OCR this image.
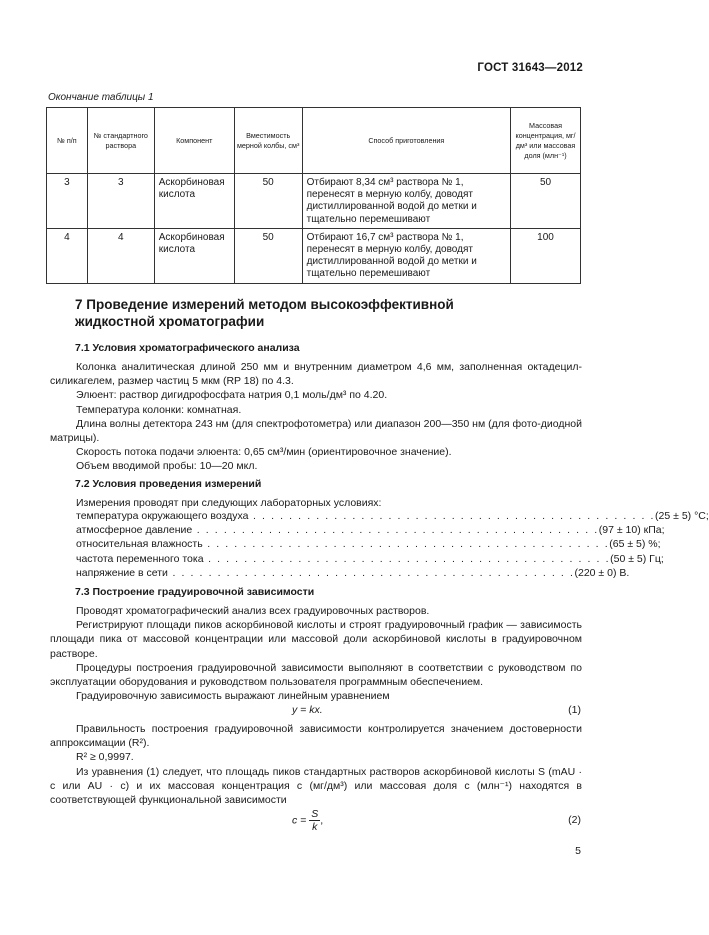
ГОСТ 31643—2012
Окончание таблицы 1
№ п/п	№ стандартного раствора	Компонент	Вместимость мерной колбы, см³	Способ приготовления	Массовая концентрация, мг/дм³ или массовая доля (млн⁻¹)
3	3	Аскорбиновая кислота	50	Отбирают 8,34 см³ раствора № 1, перенесят в мерную колбу, доводят дистиллированной водой до метки и тщательно перемешивают	50
4	4	Аскорбиновая кислота	50	Отбирают 16,7 см³ раствора № 1, перенесят в мерную колбу, доводят дистиллированной водой до метки и тщательно перемешивают	100
7 Проведение измерений методом высокоэффективной
жидкостной хроматографии
7.1 Условия хроматографического анализа

Колонка аналитическая длиной 250 мм и внутренним диаметром 4,6 мм, заполненная октадецил-силикагелем, размер частиц 5 мкм (RP 18) по 4.3.

Элюент: раствор дигидрофосфата натрия 0,1 моль/дм³ по 4.20.

Температура колонки: комнатная.

Длина волны детектора 243 нм (для спектрофотометра) или диапазон 200—350 нм (для фото-диодной матрицы).

Скорость потока подачи элюента: 0,65 см³/мин (ориентировочное значение).

Объем вводимой пробы: 10—20 мкл.

7.2 Условия проведения измерений

Измерения проводят при следующих лабораторных условиях:

температура окружающего воздуха . . . . . . . . . . . . . . . . . . . . . . . . . . . . . . . . . . . . . . . . . . . . . (25 ± 5) °С;
атмосферное давление . . . . . . . . . . . . . . . . . . . . . . . . . . . . . . . . . . . . . . . . . . . . . (97 ± 10) кПа;
относительная влажность . . . . . . . . . . . . . . . . . . . . . . . . . . . . . . . . . . . . . . . . . . . . . (65 ± 5) %;
частота переменного тока . . . . . . . . . . . . . . . . . . . . . . . . . . . . . . . . . . . . . . . . . . . . . (50 ± 5) Гц;
напряжение в сети . . . . . . . . . . . . . . . . . . . . . . . . . . . . . . . . . . . . . . . . . . . . . (220 ± 0) В.
7.3 Построение градуировочной зависимости

Проводят хроматографический анализ всех градуировочных растворов.

Регистрируют площади пиков аскорбиновой кислоты и строят градуировочный график — зависимость площади пика от массовой концентрации или массовой доли аскорбиновой кислоты в градуировочном растворе.

Процедуры построения градуировочной зависимости выполняют в соответствии с руководством по эксплуатации оборудования и руководством пользователя программным обеспечением.

Градуировочную зависимость выражают линейным уравнением

y = kx.	(1)

Правильность построения градуировочной зависимости контролируется значением достоверности аппроксимации (R²).

R² ≥ 0,9997.

Из уравнения (1) следует, что площадь пиков стандартных растворов аскорбиновой кислоты S (mAU · c или AU · c) и их массовая концентрация с (мг/дм³) или массовая доля с (млн⁻¹) находятся в соответствующей функциональной зависимости

$c = \frac{S}{k}$ ,	(2)
5
